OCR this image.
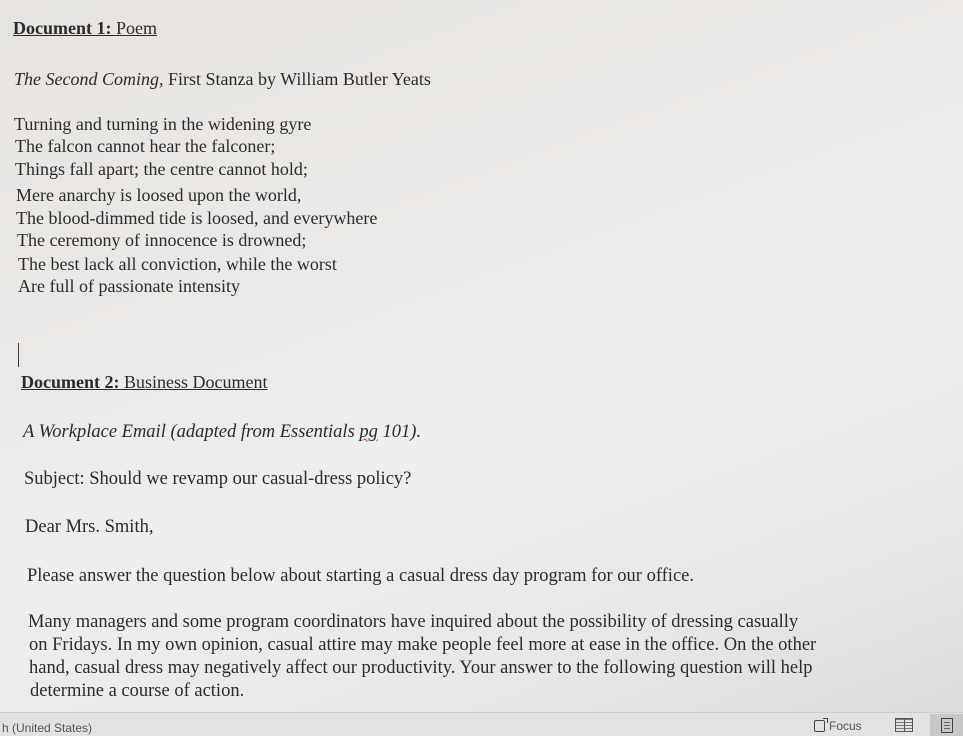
Document 1: Poem
The Second Coming, First Stanza by William Butler Yeats
Turning and turning in the widening gyre
The falcon cannot hear the falconer;
Things fall apart; the centre cannot hold;
Mere anarchy is loosed upon the world,
The blood-dimmed tide is loosed, and everywhere
The ceremony of innocence is drowned;
The best lack all conviction, while the worst
Are full of passionate intensity
Document 2: Business Document
A Workplace Email (adapted from Essentials pg 101).
Subject: Should we revamp our casual-dress policy?
Dear Mrs. Smith,
Please answer the question below about starting a casual dress day program for our office.
Many managers and some program coordinators have inquired about the possibility of dressing casually
on Fridays. In my own opinion, casual attire may make people feel more at ease in the office. On the other
hand, casual dress may negatively affect our productivity. Your answer to the following question will help
determine a course of action.
h (United States)	Focus
